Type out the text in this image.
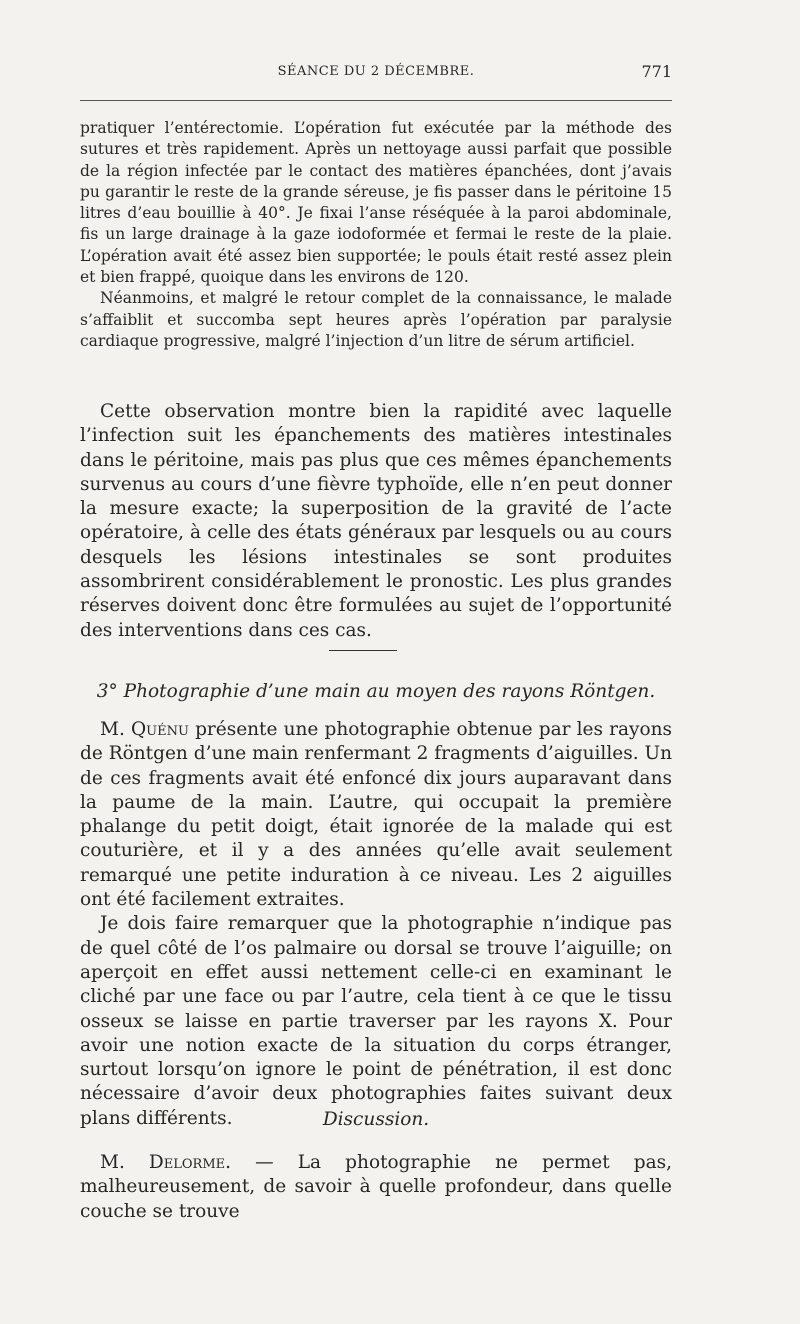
SÉANCE DU 2 DÉCEMBRE.	771

pratiquer l’entérectomie. L’opération fut exécutée par la méthode des sutures et très rapidement. Après un nettoyage aussi parfait que possible de la région infectée par le contact des matières épanchées, dont j’avais pu garantir le reste de la grande séreuse, je fis passer dans le péritoine 15 litres d’eau bouillie à 40°. Je fixai l’anse réséquée à la paroi abdominale, fis un large drainage à la gaze iodoformée et fermai le reste de la plaie. L’opération avait été assez bien supportée; le pouls était resté assez plein et bien frappé, quoique dans les environs de 120.

Néanmoins, et malgré le retour complet de la connaissance, le malade s’affaiblit et succomba sept heures après l’opération par paralysie cardiaque progressive, malgré l’injection d’un litre de sérum artificiel.

Cette observation montre bien la rapidité avec laquelle l’infection suit les épanchements des matières intestinales dans le péritoine, mais pas plus que ces mêmes épanchements survenus au cours d’une fièvre typhoïde, elle n’en peut donner la mesure exacte; la superposition de la gravité de l’acte opératoire, à celle des états généraux par lesquels ou au cours desquels les lésions intestinales se sont produites assombrirent considérablement le pronostic. Les plus grandes réserves doivent donc être formulées au sujet de l’opportunité des interventions dans ces cas.

3° Photographie d’une main au moyen des rayons Röntgen.

M. Quénu présente une photographie obtenue par les rayons de Röntgen d’une main renfermant 2 fragments d’aiguilles. Un de ces fragments avait été enfoncé dix jours auparavant dans la paume de la main. L’autre, qui occupait la première phalange du petit doigt, était ignorée de la malade qui est couturière, et il y a des années qu’elle avait seulement remarqué une petite induration à ce niveau. Les 2 aiguilles ont été facilement extraites.

Je dois faire remarquer que la photographie n’indique pas de quel côté de l’os palmaire ou dorsal se trouve l’aiguille; on aperçoit en effet aussi nettement celle-ci en examinant le cliché par une face ou par l’autre, cela tient à ce que le tissu osseux se laisse en partie traverser par les rayons X. Pour avoir une notion exacte de la situation du corps étranger, surtout lorsqu’on ignore le point de pénétration, il est donc nécessaire d’avoir deux photographies faites suivant deux plans différents.	Discussion.

M. Delorme. — La photographie ne permet pas, malheureusement, de savoir à quelle profondeur, dans quelle couche se trouve
